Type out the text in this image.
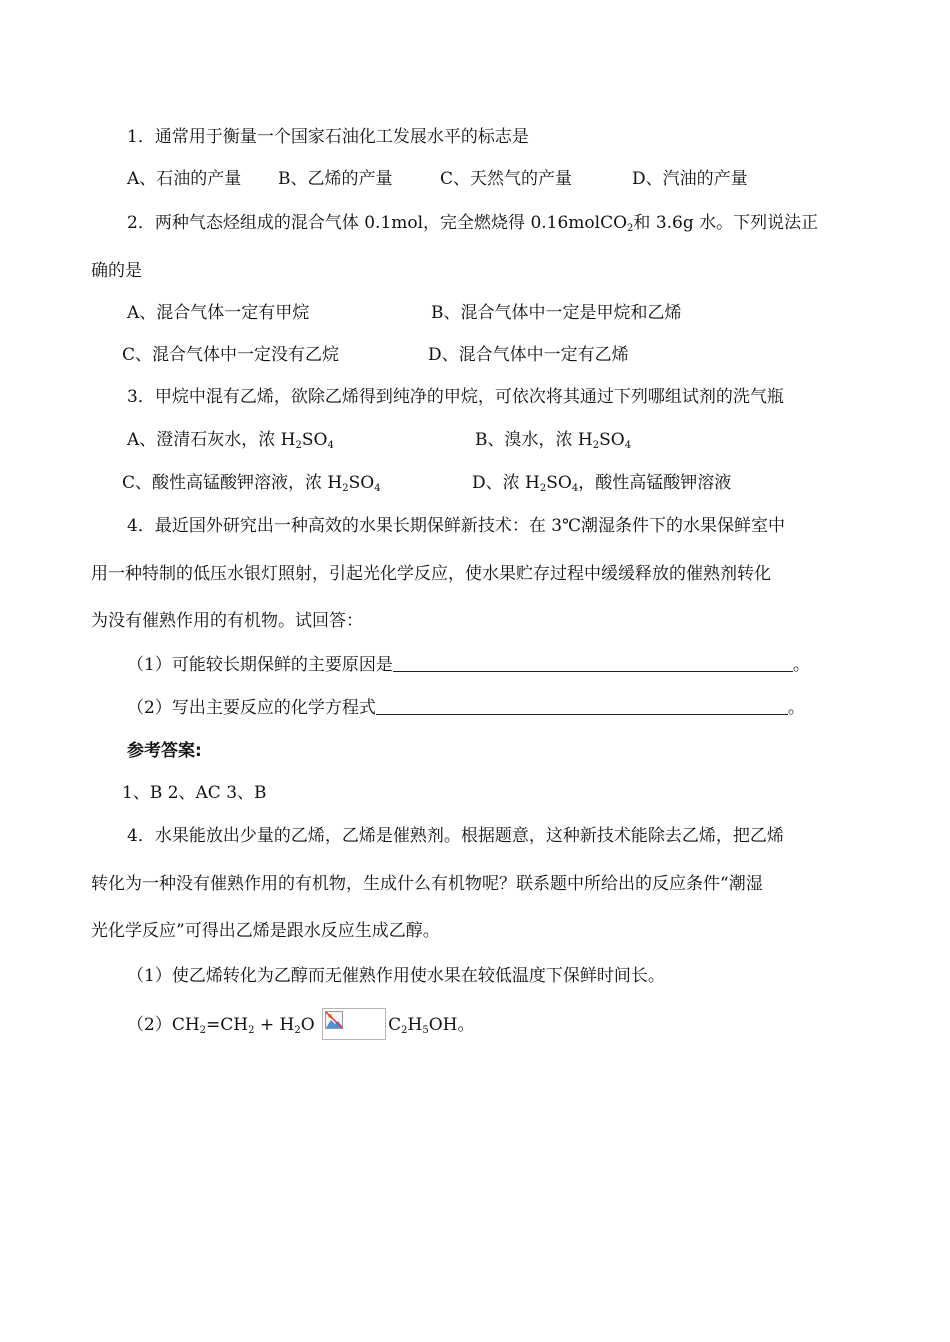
1．通常用于衡量一个国家石油化工发展水平的标志是
A、石油的产量 B、乙烯的产量	C、天然气的产量	D、汽油的产量
2．两种气态烃组成的混合气体 0.1mol，完全燃烧得 0.16molCO$_2$和 3.6g 水。下列说法正
确的是
A、混合气体一定有甲烷	B、混合气体中一定是甲烷和乙烯
C、混合气体中一定没有乙烷	D、混合气体中一定有乙烯
3．甲烷中混有乙烯，欲除乙烯得到纯净的甲烷，可依次将其通过下列哪组试剂的洗气瓶
A、澄清石灰水，浓 $H_2SO_4$	B、溴水，浓 $H_2SO_4$
C、酸性高锰酸钾溶液，浓 $H_2SO_4$	D、浓 $H_2SO_4$，酸性高锰酸钾溶液
4．最近国外研究出一种高效的水果长期保鲜新技术：在 3℃潮湿条件下的水果保鲜室中
用一种特制的低压水银灯照射，引起光化学反应，使水果贮存过程中缓缓释放的催熟剂转化
为没有催熟作用的有机物。试回答：
（1）可能较长期保鲜的主要原因是	。
（2）写出主要反应的化学方程式	。
参考答案:
1、B 2、AC 3、B
4．水果能放出少量的乙烯，乙烯是催熟剂。根据题意，这种新技术能除去乙烯，把乙烯
转化为一种没有催熟作用的有机物，生成什么有机物呢？联系题中所给出的反应条件“潮湿
光化学反应”可得出乙烯是跟水反应生成乙醇。
（1）使乙烯转化为乙醇而无催熟作用使水果在较低温度下保鲜时间长。
$(2)CH_2=CH_2 + H_2O$	$C_2H_5OH$。
